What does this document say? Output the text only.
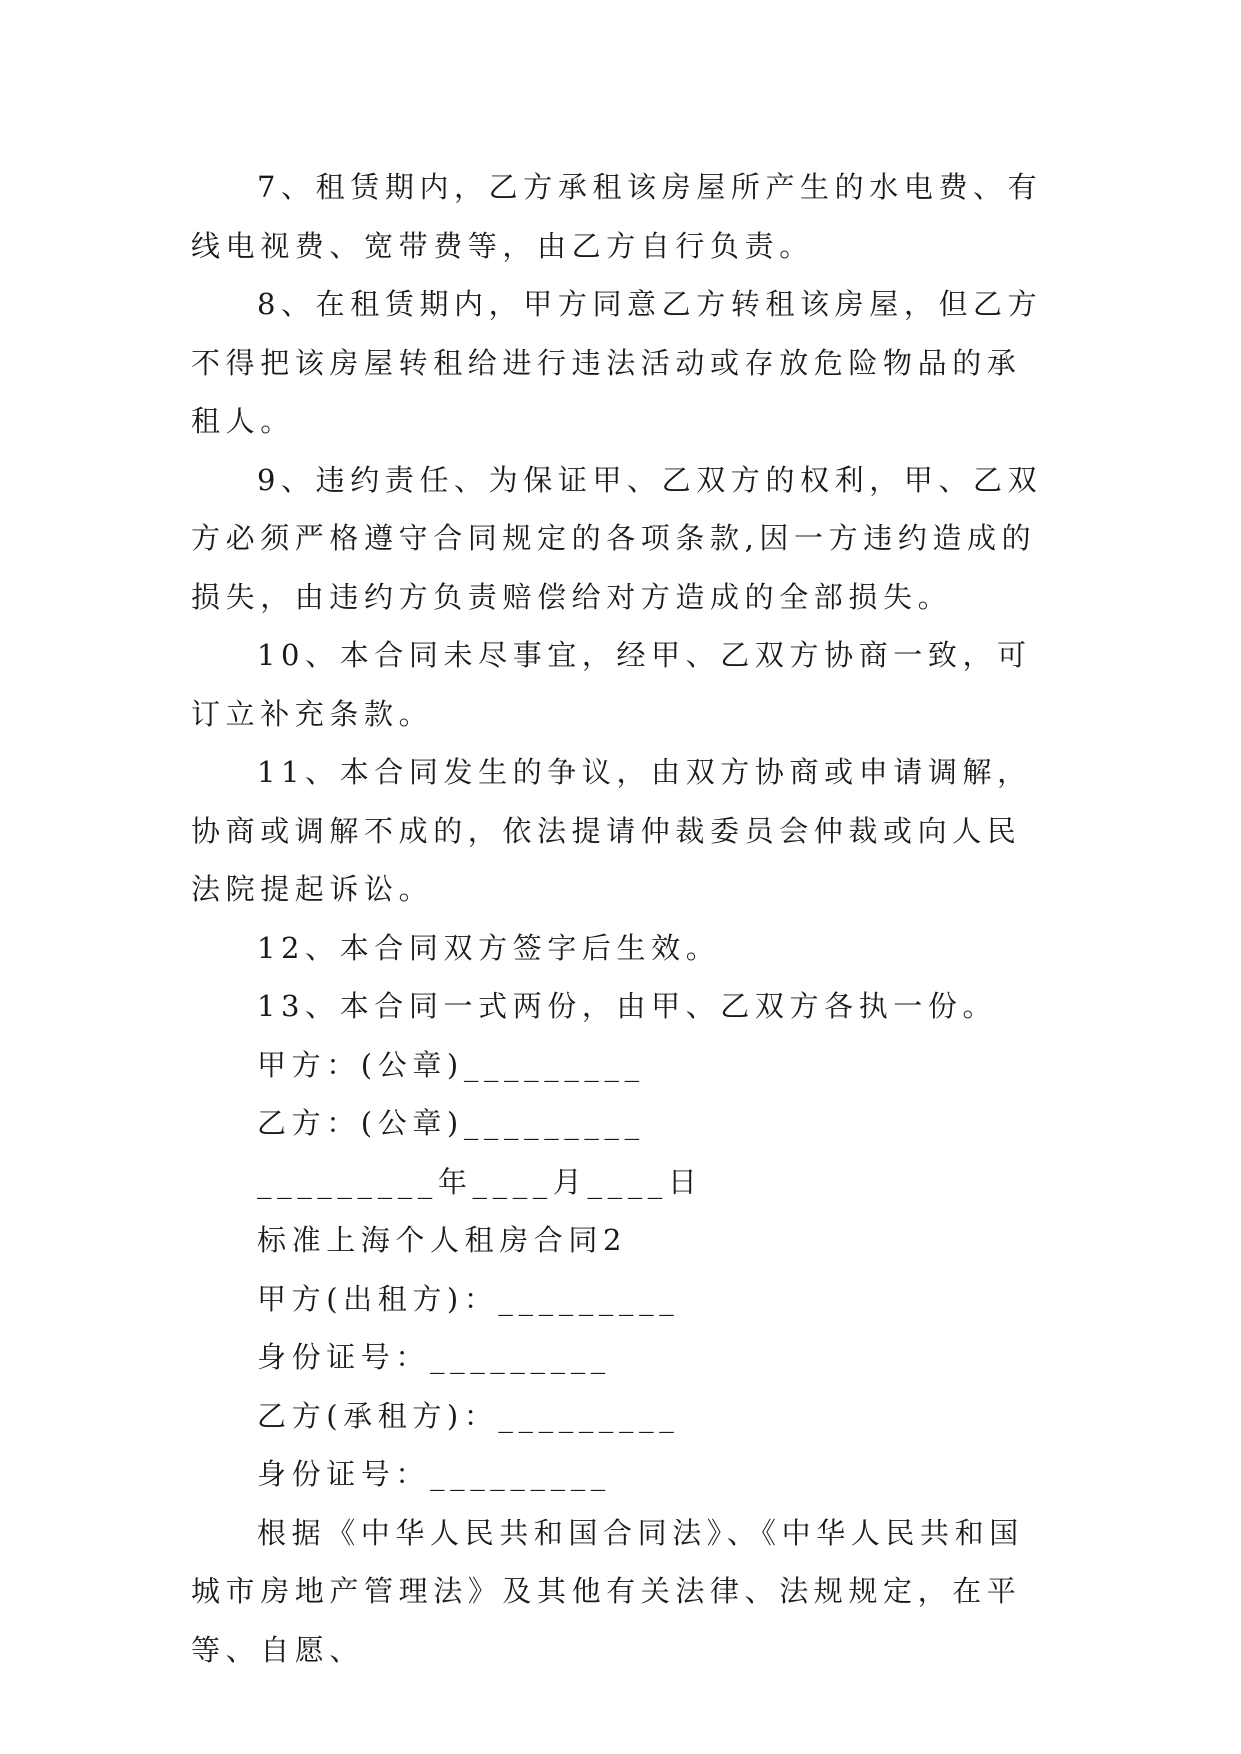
7、租赁期内，乙方承租该房屋所产生的水电费、有线电视费、宽带费等，由乙方自行负责。

8、在租赁期内，甲方同意乙方转租该房屋，但乙方不得把该房屋转租给进行违法活动或存放危险物品的承租人。

9、违约责任、为保证甲、乙双方的权利，甲、乙双方必须严格遵守合同规定的各项条款,因一方违约造成的损失，由违约方负责赔偿给对方造成的全部损失。

10、本合同未尽事宜，经甲、乙双方协商一致，可订立补充条款。

11、本合同发生的争议，由双方协商或申请调解，协商或调解不成的，依法提请仲裁委员会仲裁或向人民法院提起诉讼。

12、本合同双方签字后生效。

13、本合同一式两份，由甲、乙双方各执一份。

甲方：(公章)_________

乙方：(公章)_________

_________年____月____日

标准上海个人租房合同2

甲方(出租方)：_________

身份证号：_________

乙方(承租方)：_________

身份证号：_________

根据《中华人民共和国合同法》、《中华人民共和国城市房地产管理法》及其他有关法律、法规规定，在平等、自愿、
